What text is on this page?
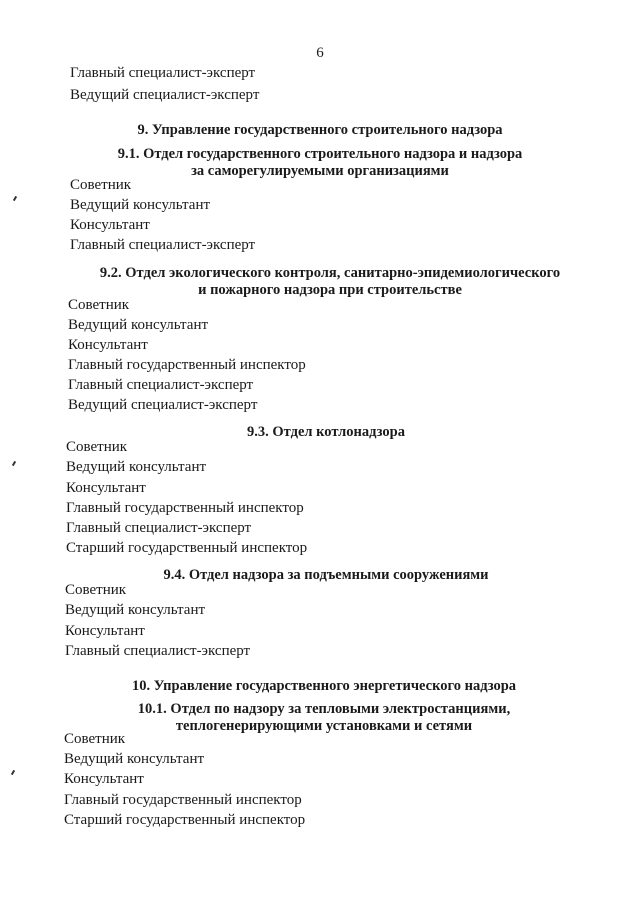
6
Главный специалист-эксперт
Ведущий специалист-эксперт
9. Управление государственного строительного надзора
9.1. Отдел государственного строительного надзора и надзора
за саморегулируемыми организациями
Советник
Ведущий консультант
Консультант
Главный специалист-эксперт
9.2. Отдел экологического контроля, санитарно-эпидемиологического
и пожарного надзора при строительстве
Советник
Ведущий консультант
Консультант
Главный государственный инспектор
Главный специалист-эксперт
Ведущий специалист-эксперт
9.3. Отдел котлонадзора
Советник
Ведущий консультант
Консультант
Главный государственный инспектор
Главный специалист-эксперт
Старший государственный инспектор
9.4. Отдел надзора за подъемными сооружениями
Советник
Ведущий консультант
Консультант
Главный специалист-эксперт
10. Управление государственного энергетического надзора
10.1. Отдел по надзору за тепловыми электростанциями,
теплогенерирующими установками и сетями
Советник
Ведущий консультант
Консультант
Главный государственный инспектор
Старший государственный инспектор
